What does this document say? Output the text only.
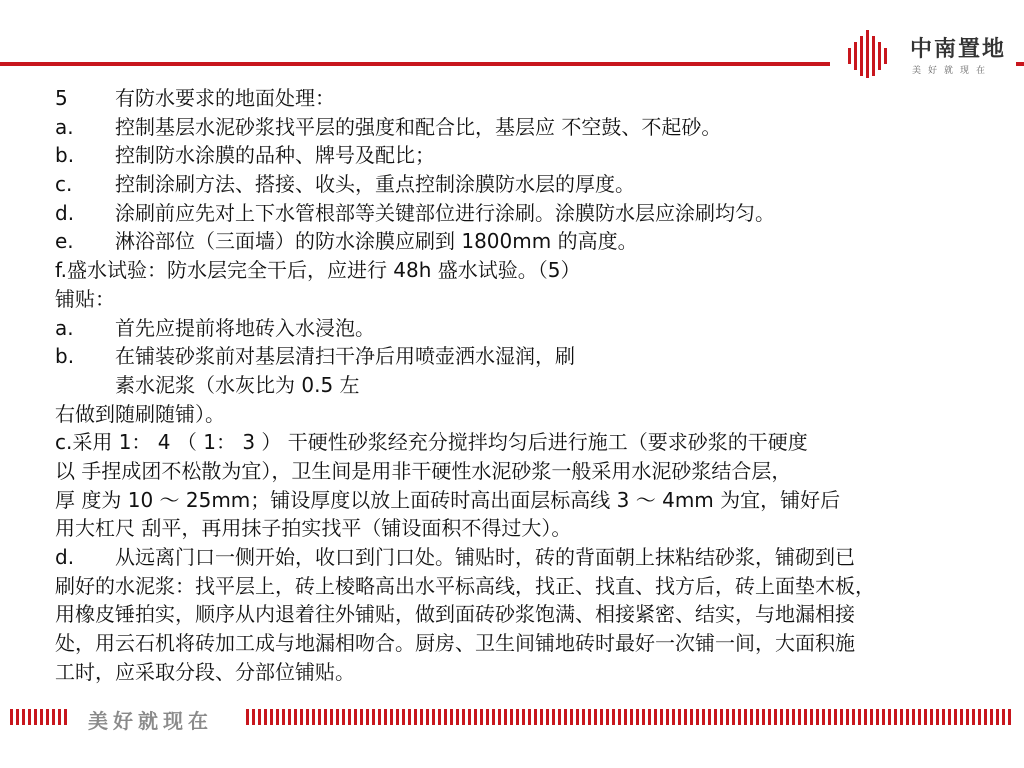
中南置地
美好就现在
5 有防水要求的地面处理：
a. 控制基层水泥砂浆找平层的强度和配合比，基层应 不空鼓、不起砂。
b. 控制防水涂膜的品种、牌号及配比；
c. 控制涂刷方法、搭接、收头，重点控制涂膜防水层的厚度。
d. 涂刷前应先对上下水管根部等关键部位进行涂刷。涂膜防水层应涂刷均匀。
e. 淋浴部位（三面墙）的防水涂膜应刷到 1800mm 的高度。
f.盛水试验：防水层完全干后，应进行 48h 盛水试验。（5）
铺贴：
a. 首先应提前将地砖入水浸泡。
b. 在铺装砂浆前对基层清扫干净后用喷壶洒水湿润，刷
素水泥浆（水灰比为 0.5 左
右做到随刷随铺）。
c.采用 1： 4 （ 1： 3 ） 干硬性砂浆经充分搅拌均匀后进行施工（要求砂浆的干硬度
以 手捏成团不松散为宜），卫生间是用非干硬性水泥砂浆一般采用水泥砂浆结合层，
厚 度为 10 ～ 25mm；铺设厚度以放上面砖时高出面层标高线 3 ～ 4mm 为宜，铺好后
用大杠尺 刮平，再用抹子拍实找平（铺设面积不得过大）。
d. 从远离门口一侧开始，收口到门口处。铺贴时，砖的背面朝上抹粘结砂浆，铺砌到已
刷好的水泥浆：找平层上，砖上棱略高出水平标高线，找正、找直、找方后，砖上面垫木板，
用橡皮锤拍实，顺序从内退着往外铺贴，做到面砖砂浆饱满、相接紧密、结实，与地漏相接
处，用云石机将砖加工成与地漏相吻合。厨房、卫生间铺地砖时最好一次铺一间，大面积施
工时，应采取分段、分部位铺贴。
美好就现在
